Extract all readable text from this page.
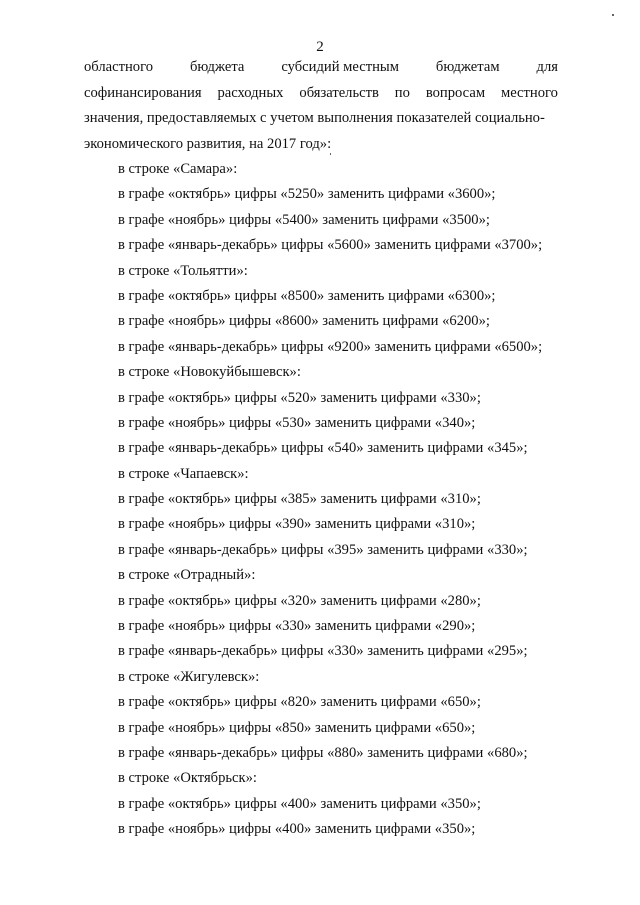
2
областного	бюджета	субсидий местным	бюджетам	для
софинансирования расходных обязательств по вопросам местного
значения, предоставляемых с учетом выполнения показателей социально-
экономического развития, на 2017 год»:
в строке «Самара»:
в графе «октябрь» цифры «5250» заменить цифрами «3600»;
в графе «ноябрь» цифры «5400» заменить цифрами «3500»;
в графе «январь-декабрь» цифры «5600» заменить цифрами «3700»;
в строке «Тольятти»:
в графе «октябрь» цифры «8500» заменить цифрами «6300»;
в графе «ноябрь» цифры «8600» заменить цифрами «6200»;
в графе «январь-декабрь» цифры «9200» заменить цифрами «6500»;
в строке «Новокуйбышевск»:
в графе «октябрь» цифры «520» заменить цифрами «330»;
в графе «ноябрь» цифры «530» заменить цифрами «340»;
в графе «январь-декабрь» цифры «540» заменить цифрами «345»;
в строке «Чапаевск»:
в графе «октябрь» цифры «385» заменить цифрами «310»;
в графе «ноябрь» цифры «390» заменить цифрами «310»;
в графе «январь-декабрь» цифры «395» заменить цифрами «330»;
в строке «Отрадный»:
в графе «октябрь» цифры «320» заменить цифрами «280»;
в графе «ноябрь» цифры «330» заменить цифрами «290»;
в графе «январь-декабрь» цифры «330» заменить цифрами «295»;
в строке «Жигулевск»:
в графе «октябрь» цифры «820» заменить цифрами «650»;
в графе «ноябрь» цифры «850» заменить цифрами «650»;
в графе «январь-декабрь» цифры «880» заменить цифрами «680»;
в строке «Октябрьск»:
в графе «октябрь» цифры «400» заменить цифрами «350»;
в графе «ноябрь» цифры «400» заменить цифрами «350»;
